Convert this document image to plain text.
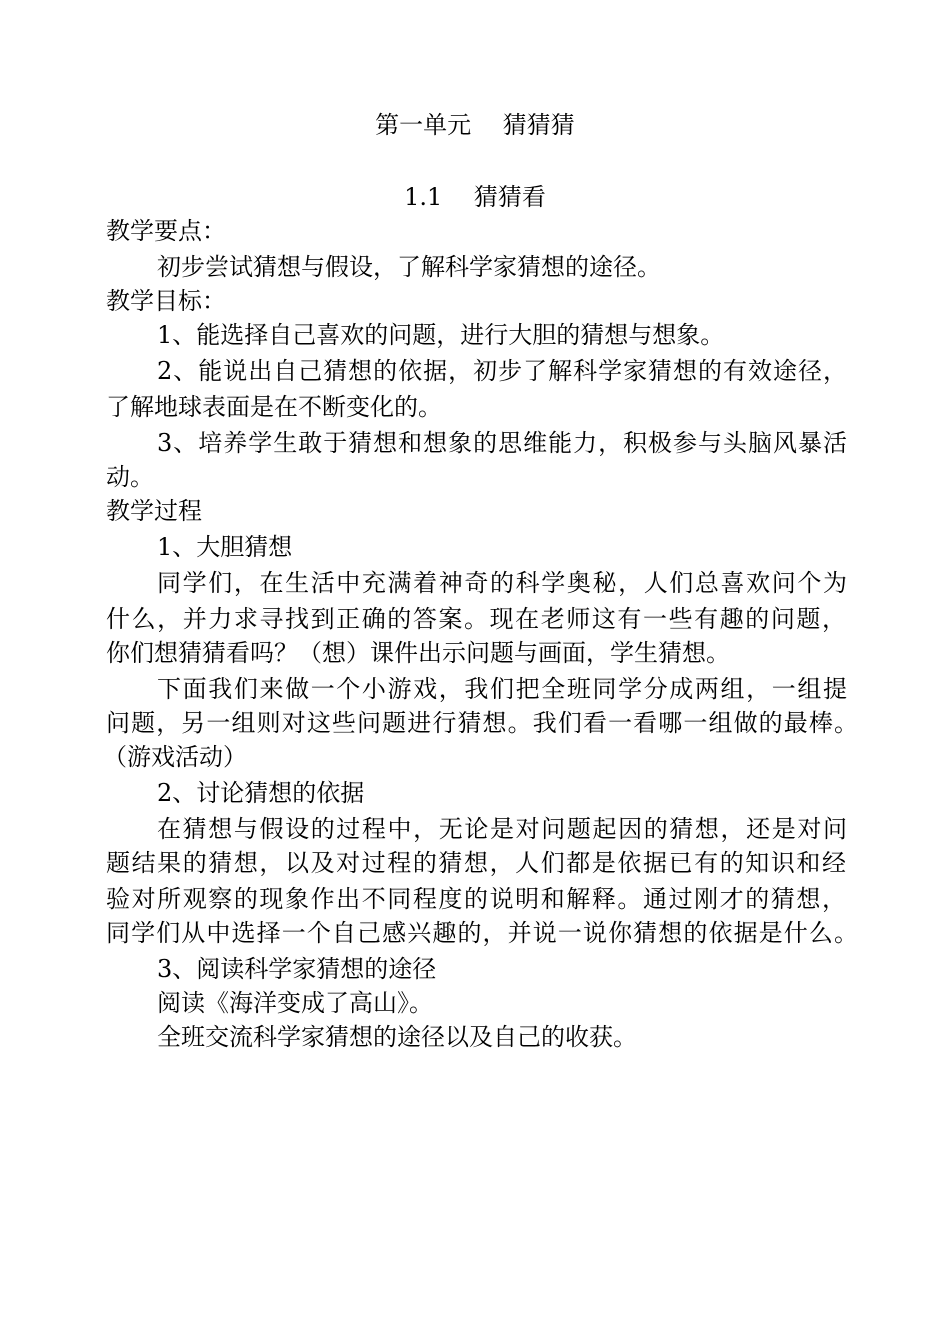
第一单元　 猜猜猜
1.1　 猜猜看
教学要点：
初步尝试猜想与假设，了解科学家猜想的途径。
教学目标：
1、能选择自己喜欢的问题，进行大胆的猜想与想象。
2、能说出自己猜想的依据，初步了解科学家猜想的有效途径，
了解地球表面是在不断变化的。
3、培养学生敢于猜想和想象的思维能力，积极参与头脑风暴活
动。
教学过程
1、大胆猜想
同学们，在生活中充满着神奇的科学奥秘，人们总喜欢问个为
什么，并力求寻找到正确的答案。现在老师这有一些有趣的问题，
你们想猜猜看吗？（想）课件出示问题与画面，学生猜想。
下面我们来做一个小游戏，我们把全班同学分成两组，一组提
问题，另一组则对这些问题进行猜想。我们看一看哪一组做的最棒。
（游戏活动）
2、讨论猜想的依据
在猜想与假设的过程中，无论是对问题起因的猜想，还是对问
题结果的猜想，以及对过程的猜想，人们都是依据已有的知识和经
验对所观察的现象作出不同程度的说明和解释。通过刚才的猜想，
同学们从中选择一个自己感兴趣的，并说一说你猜想的依据是什么。
3、阅读科学家猜想的途径
阅读《海洋变成了高山》。
全班交流科学家猜想的途径以及自己的收获。
